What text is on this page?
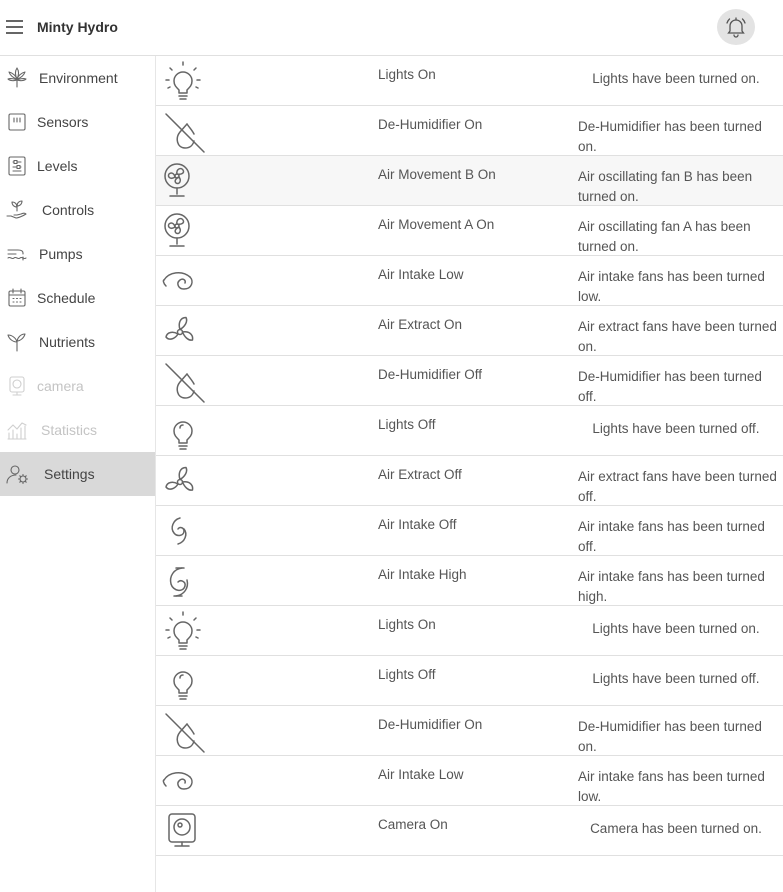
Minty Hydro
Environment
Sensors
Levels
Controls
Pumps
Schedule
Nutrients
camera
Statistics
Settings
Lights On	Lights have been turned on.
De-Humidifier On	De-Humidifier has been turned on.
Air Movement B On	Air oscillating fan B has been turned on.
Air Movement A On	Air oscillating fan A has been turned on.
Air Intake Low	Air intake fans has been turned low.
Air Extract On	Air extract fans have been turned on.
De-Humidifier Off	De-Humidifier has been turned off.
Lights Off	Lights have been turned off.
Air Extract Off	Air extract fans have been turned off.
Air Intake Off	Air intake fans has been turned off.
Air Intake High	Air intake fans has been turned high.
Lights On	Lights have been turned on.
Lights Off	Lights have been turned off.
De-Humidifier On	De-Humidifier has been turned on.
Air Intake Low	Air intake fans has been turned low.
Camera On	Camera has been turned on.
